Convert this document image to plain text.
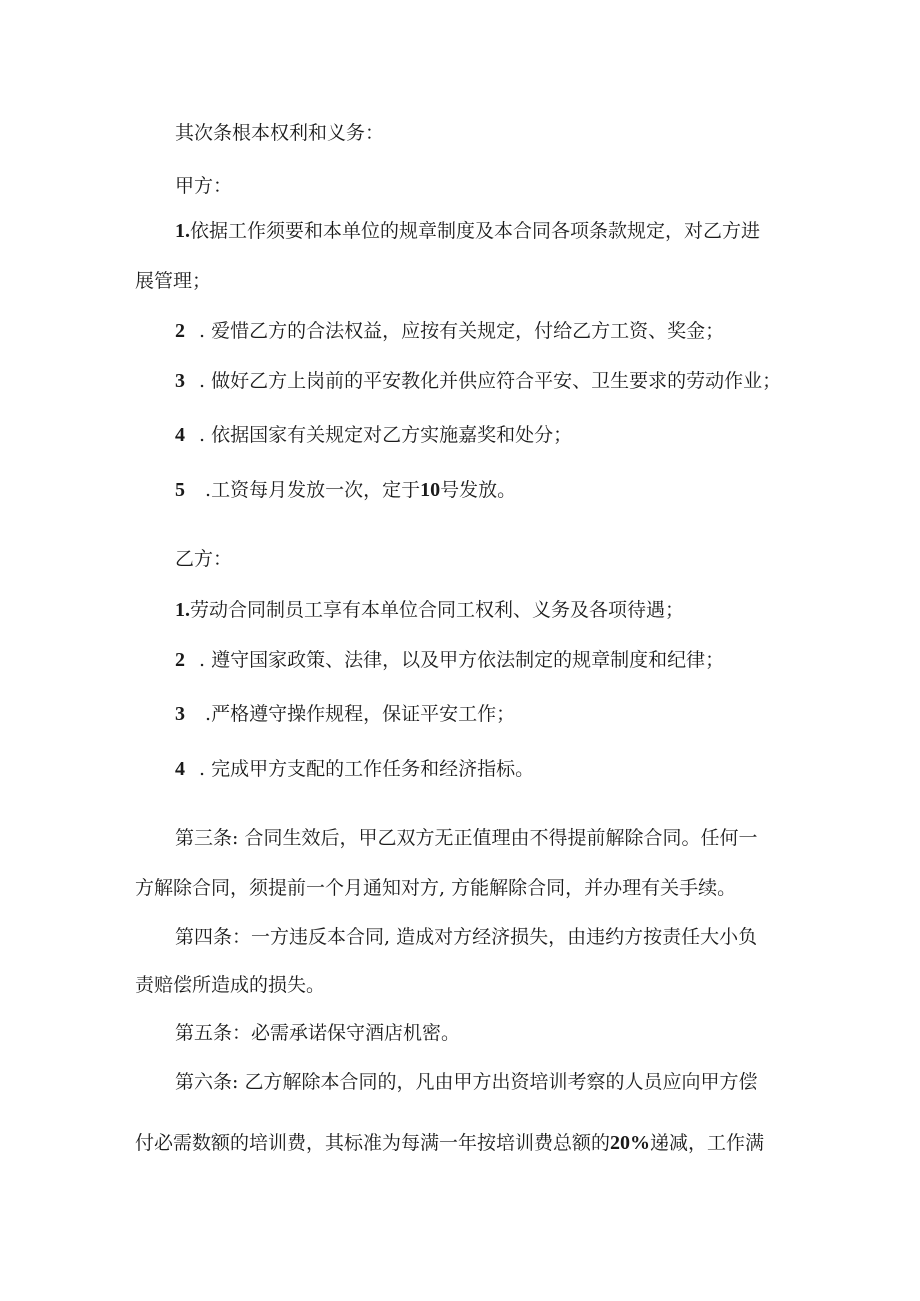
其次条根本权利和义务：
甲方：
1.依据工作须要和本单位的规章制度及本合同各项条款规定，对乙方进
展管理；
2 . 爱惜乙方的合法权益，应按有关规定，付给乙方工资、奖金；
3 . 做好乙方上岗前的平安教化并供应符合平安、卫生要求的劳动作业；
4 . 依据国家有关规定对乙方实施嘉奖和处分；
5 .工资每月发放一次，定于10号发放。
乙方：
1.劳动合同制员工享有本单位合同工权利、义务及各项待遇；
2 . 遵守国家政策、法律，以及甲方依法制定的规章制度和纪律；
3 .严格遵守操作规程，保证平安工作；
4 . 完成甲方支配的工作任务和经济指标。
第三条: 合同生效后，甲乙双方无正值理由不得提前解除合同。任何一
方解除合同，须提前一个月通知对方, 方能解除合同，并办理有关手续。
第四条：一方违反本合同, 造成对方经济损失，由违约方按责任大小负
责赔偿所造成的损失。
第五条：必需承诺保守酒店机密。
第六条: 乙方解除本合同的，凡由甲方出资培训考察的人员应向甲方偿
付必需数额的培训费，其标准为每满一年按培训费总额的20%递减，工作满
